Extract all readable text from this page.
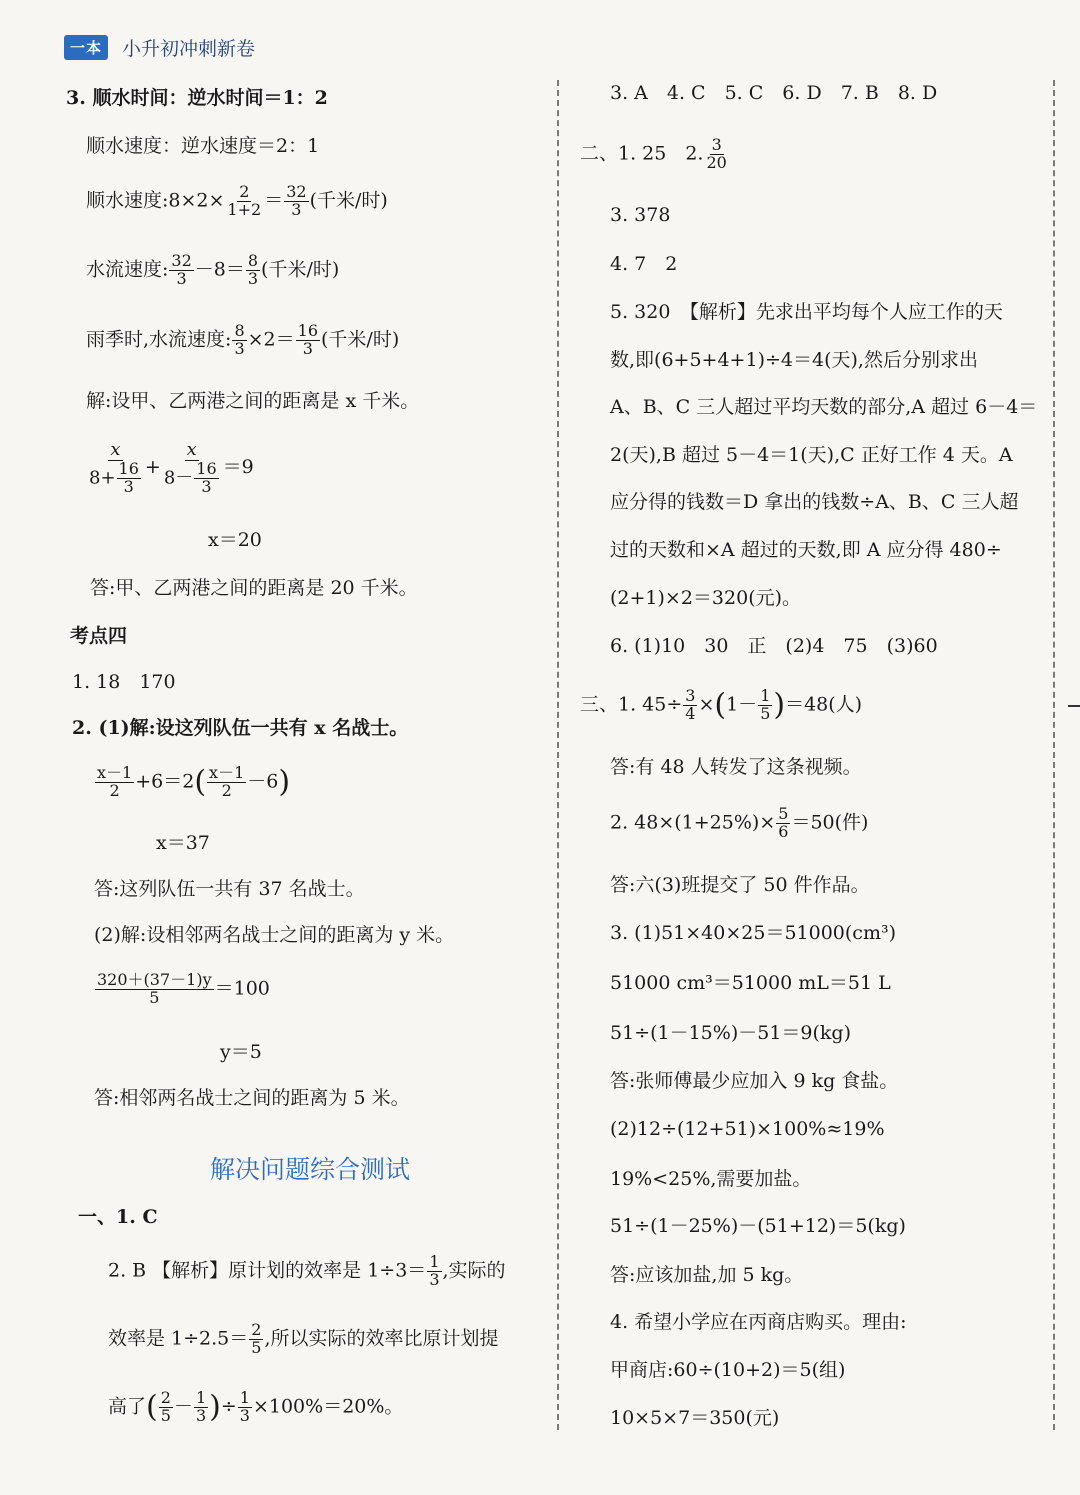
一本	小升初冲刺新卷
3. 顺水时间：逆水时间＝1：2
顺水速度：逆水速度＝2：1
顺水速度:8×2× $\frac{2}{1+2} = \frac{32}{3}$ (千米/时)
水流速度: $\frac{32}{3} -8= \frac{8}{3}$ (千米/时)
雨季时,水流速度: $\frac{8}{3} \times 2= \frac{16}{3}$ (千米/时)
解:设甲、乙两港之间的距离是 x 千米。
$\frac{x}{8+ \frac{16}{3}} + \frac{x}{8- \frac{16}{3}} =9$
x＝20
答:甲、乙两港之间的距离是 20 千米。
考点四
1. 18　170
2. (1)解:设这列队伍一共有 x 名战士。
$\frac{x-1}{2} +6=2( \frac{x-1}{2} -6)$
x＝37
答:这列队伍一共有 37 名战士。
(2)解:设相邻两名战士之间的距离为 y 米。
$\frac{320+(37-1)y}{5} =100$
y＝5
答:相邻两名战士之间的距离为 5 米。
解决问题综合测试
一、1. C
2. B 【解析】原计划的效率是 $1\div 3= \frac{1}{3}$ ,实际的
效率是 $1\div 2.5= \frac{2}{5}$ ,所以实际的效率比原计划提
高了( $\frac{2}{5} - \frac{1}{3}$ )÷ $\frac{1}{3} \times 100\%=20\%$。
3. A　4. C　5. C　6. D　7. B　8. D
二、1. 25　2. $\frac{3}{20}$
3. 378
4. 7　2
5. 320　【解析】先求出平均每个人应工作的天
数,即(6+5+4+1)÷4＝4(天),然后分别求出
A、B、C 三人超过平均天数的部分,A 超过 6－4＝
2(天),B 超过 5－4＝1(天),C 正好工作 4 天。A
应分得的钱数＝D 拿出的钱数÷A、B、C 三人超
过的天数和×A 超过的天数,即 A 应分得 480÷
(2+1)×2＝320(元)。
6. (1)10　30　正　(2)4　75　(3)60
三、1. $45\div \frac{3}{4} \times(1- \frac{1}{5} )=48$(人)
答:有 48 人转发了这条视频。
2. $48\times(1+25\%)\times \frac{5}{6} =50$(件)
答:六(3)班提交了 50 件作品。
3. (1)51×40×25＝51000(cm³)
51000 cm³＝51000 mL＝51 L
51÷(1－15%)－51＝9(kg)
答:张师傅最少应加入 9 kg 食盐。
(2)12÷(12+51)×100%≈19%
19%<25%,需要加盐。
51÷(1－25%)－(51+12)＝5(kg)
答:应该加盐,加 5 kg。
4. 希望小学应在丙商店购买。理由:
甲商店:60÷(10+2)＝5(组)
10×5×7＝350(元)
